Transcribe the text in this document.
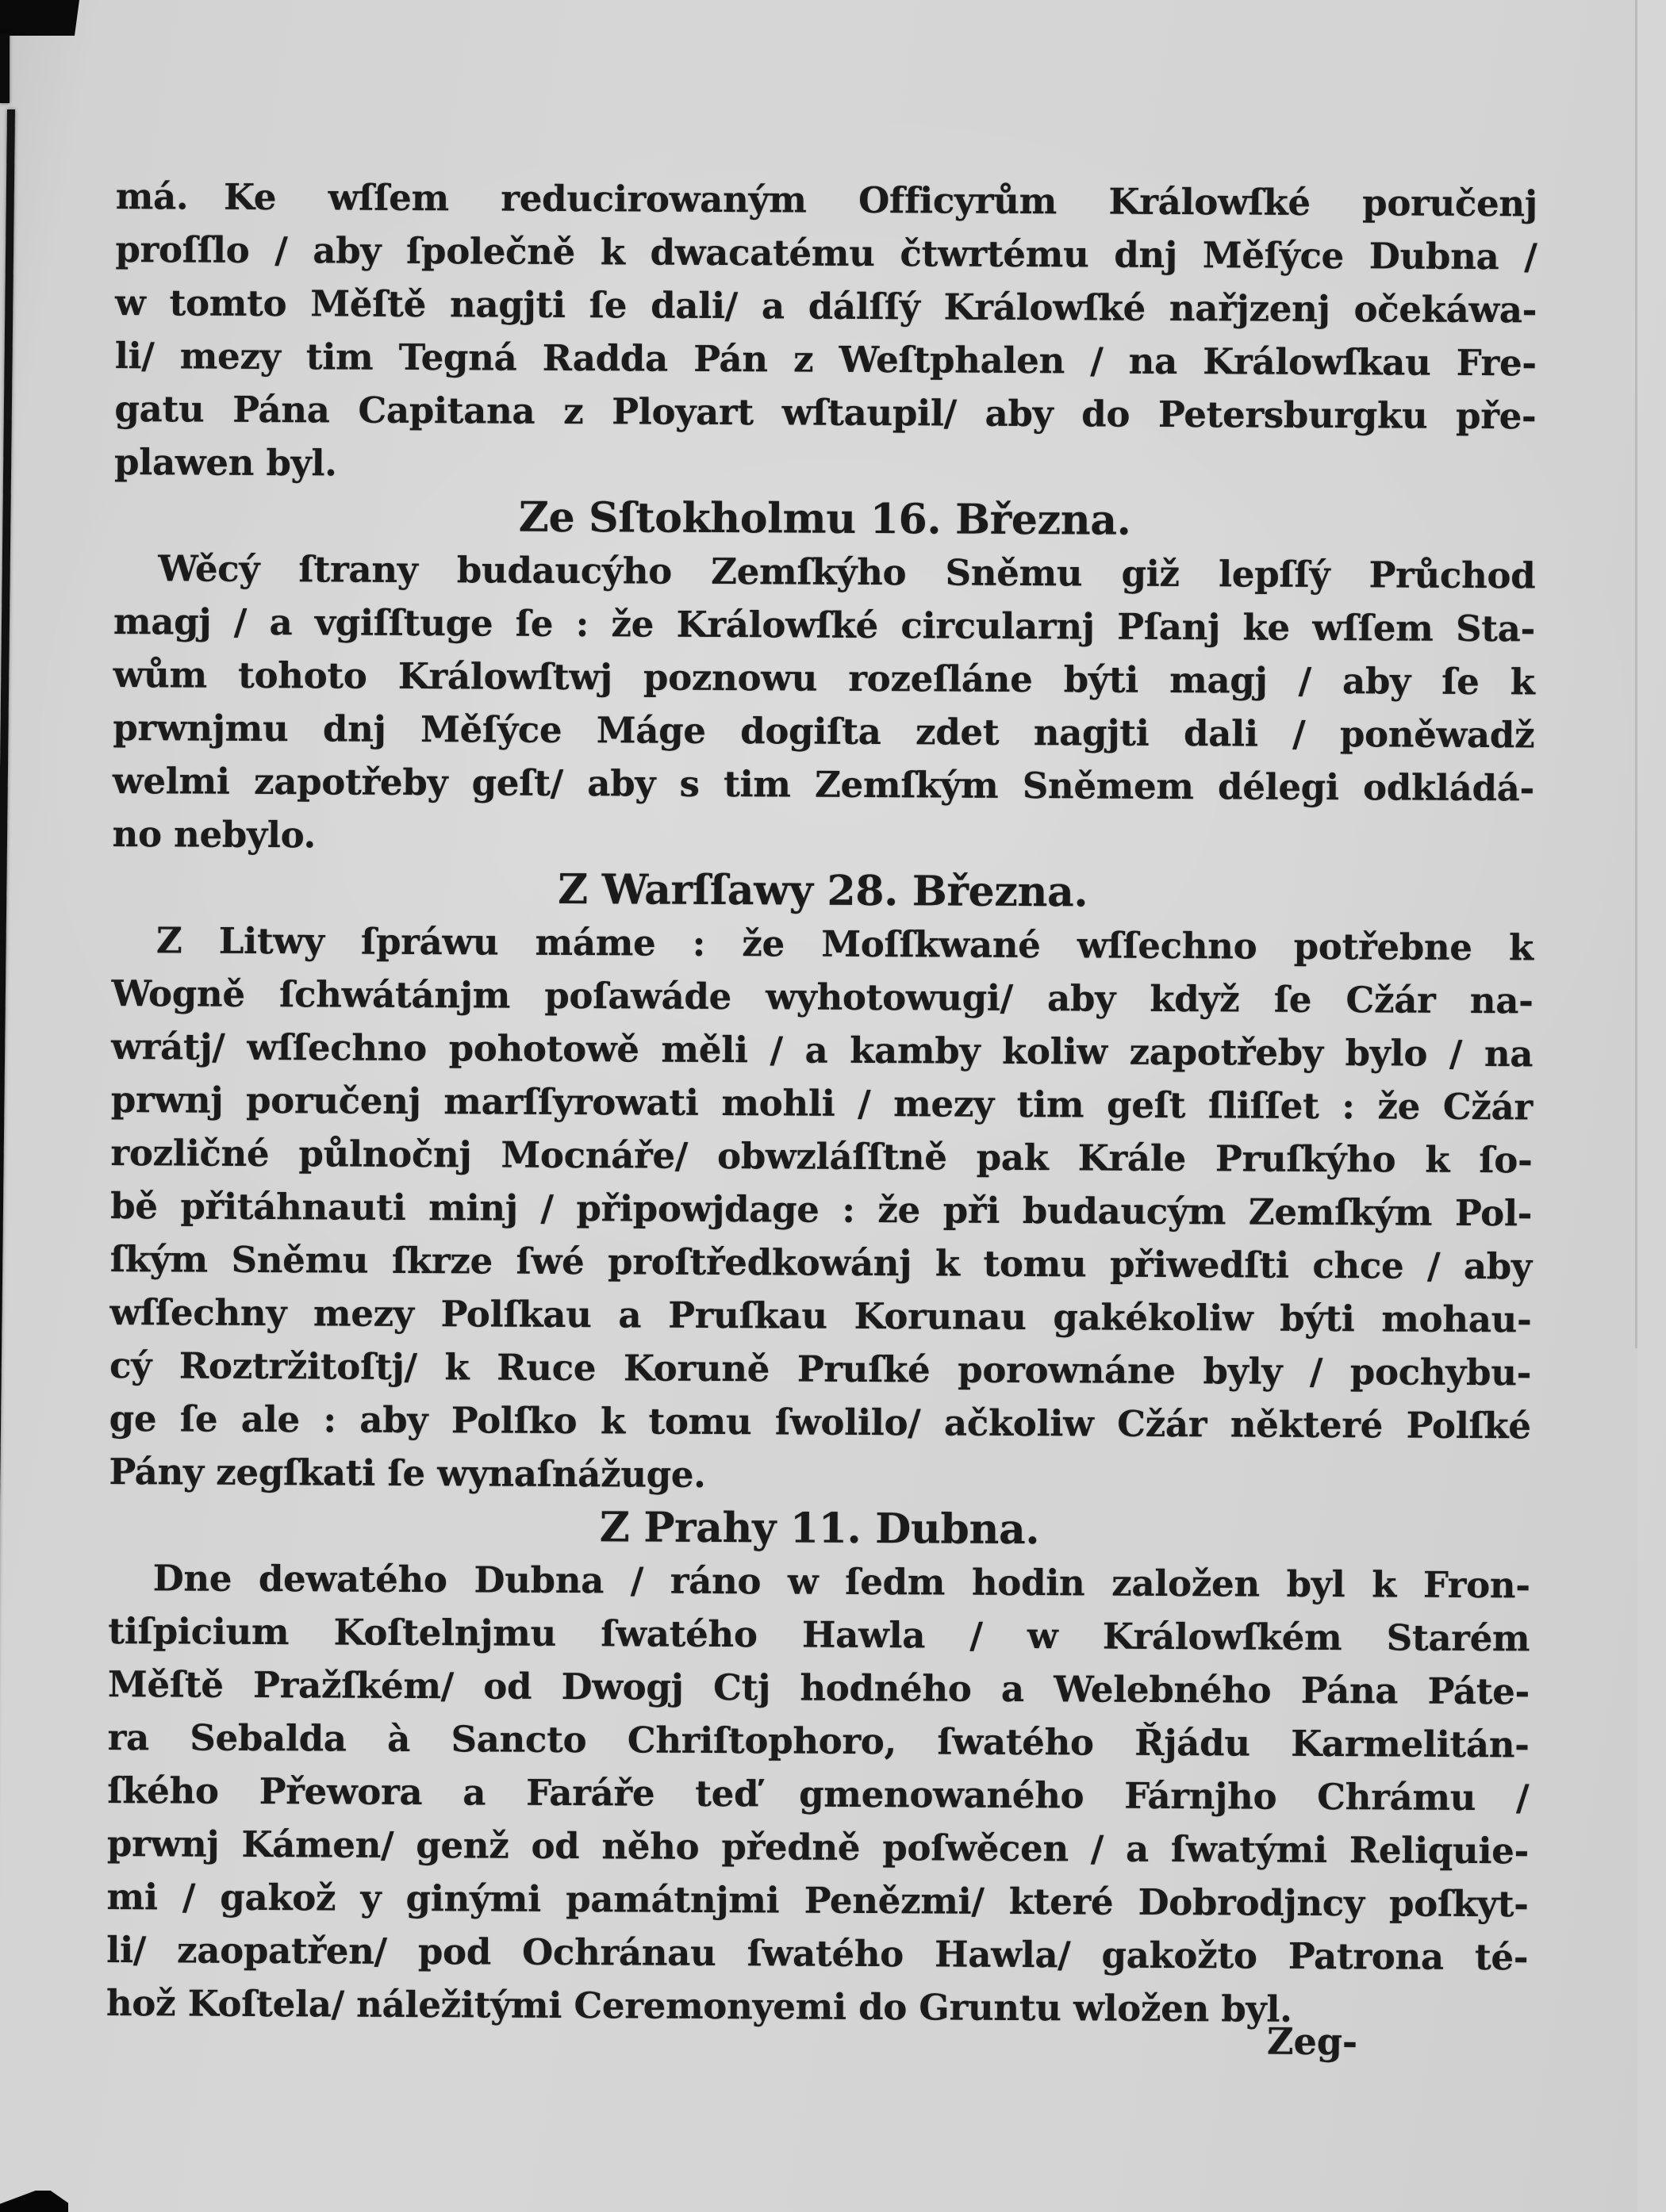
má. Ke wſſem reducirowaným Officyrům Králowſké poručenj
proſſlo / aby ſpolečně k dwacatému čtwrtému dnj Měſýce Dubna /
w tomto Měſtě nagjti ſe dali/ a dálſſý Králowſké nařjzenj očekáwa-
li/ mezy tim Tegná Radda Pán z Weſtphalen / na Králowſkau Fre-
gatu Pána Capitana z Ployart wſtaupil/ aby do Petersburgku pře-
plawen byl.
Ze Sſtokholmu 16. Března.
Wěcý ſtrany budaucýho Zemſkýho Sněmu giž lepſſý Průchod
magj / a vgiſſtuge ſe : že Králowſké circularnj Pſanj ke wſſem Sta-
wům tohoto Králowſtwj poznowu rozeſláne býti magj / aby ſe k
prwnjmu dnj Měſýce Máge dogiſta zdet nagjti dali / poněwadž
welmi zapotřeby geſt/ aby s tim Zemſkým Sněmem délegi odkládá-
no nebylo.
Z Warſſawy 28. Března.
Z Litwy ſpráwu máme : že Moſſkwané wſſechno potřebne k
Wogně ſchwátánjm poſawáde wyhotowugi/ aby když ſe Cžár na-
wrátj/ wſſechno pohotowě měli / a kamby koliw zapotřeby bylo / na
prwnj poručenj marſſyrowati mohli / mezy tim geſt ſliſſet : že Cžár
rozličné půlnočnj Mocnáře/ obwzláſſtně pak Krále Pruſkýho k ſo-
bě přitáhnauti minj / připowjdage : že při budaucým Zemſkým Pol-
ſkým Sněmu ſkrze ſwé proſtředkowánj k tomu přiwedſti chce / aby
wſſechny mezy Polſkau a Pruſkau Korunau gakékoliw býti mohau-
cý Roztržitoſtj/ k Ruce Koruně Pruſké porownáne byly / pochybu-
ge ſe ale : aby Polſko k tomu ſwolilo/ ačkoliw Cžár některé Polſké
Pány zegſkati ſe wynaſnážuge.
Z Prahy 11. Dubna.
Dne dewatého Dubna / ráno w ſedm hodin založen byl k Fron-
tiſpicium Koſtelnjmu ſwatého Hawla / w Králowſkém Starém
Měſtě Pražſkém/ od Dwogj Ctj hodného a Welebného Pána Páte-
ra Sebalda à Sancto Chriſtophoro, ſwatého Řjádu Karmelitán-
ſkého Přewora a Faráře teď gmenowaného Fárnjho Chrámu /
prwnj Kámen/ genž od něho předně poſwěcen / a ſwatými Reliquie-
mi / gakož y ginými památnjmi Penězmi/ které Dobrodjncy poſkyt-
li/ zaopatřen/ pod Ochránau ſwatého Hawla/ gakožto Patrona té-
hož Koſtela/ náležitými Ceremonyemi do Gruntu wložen byl.
Zeg-
